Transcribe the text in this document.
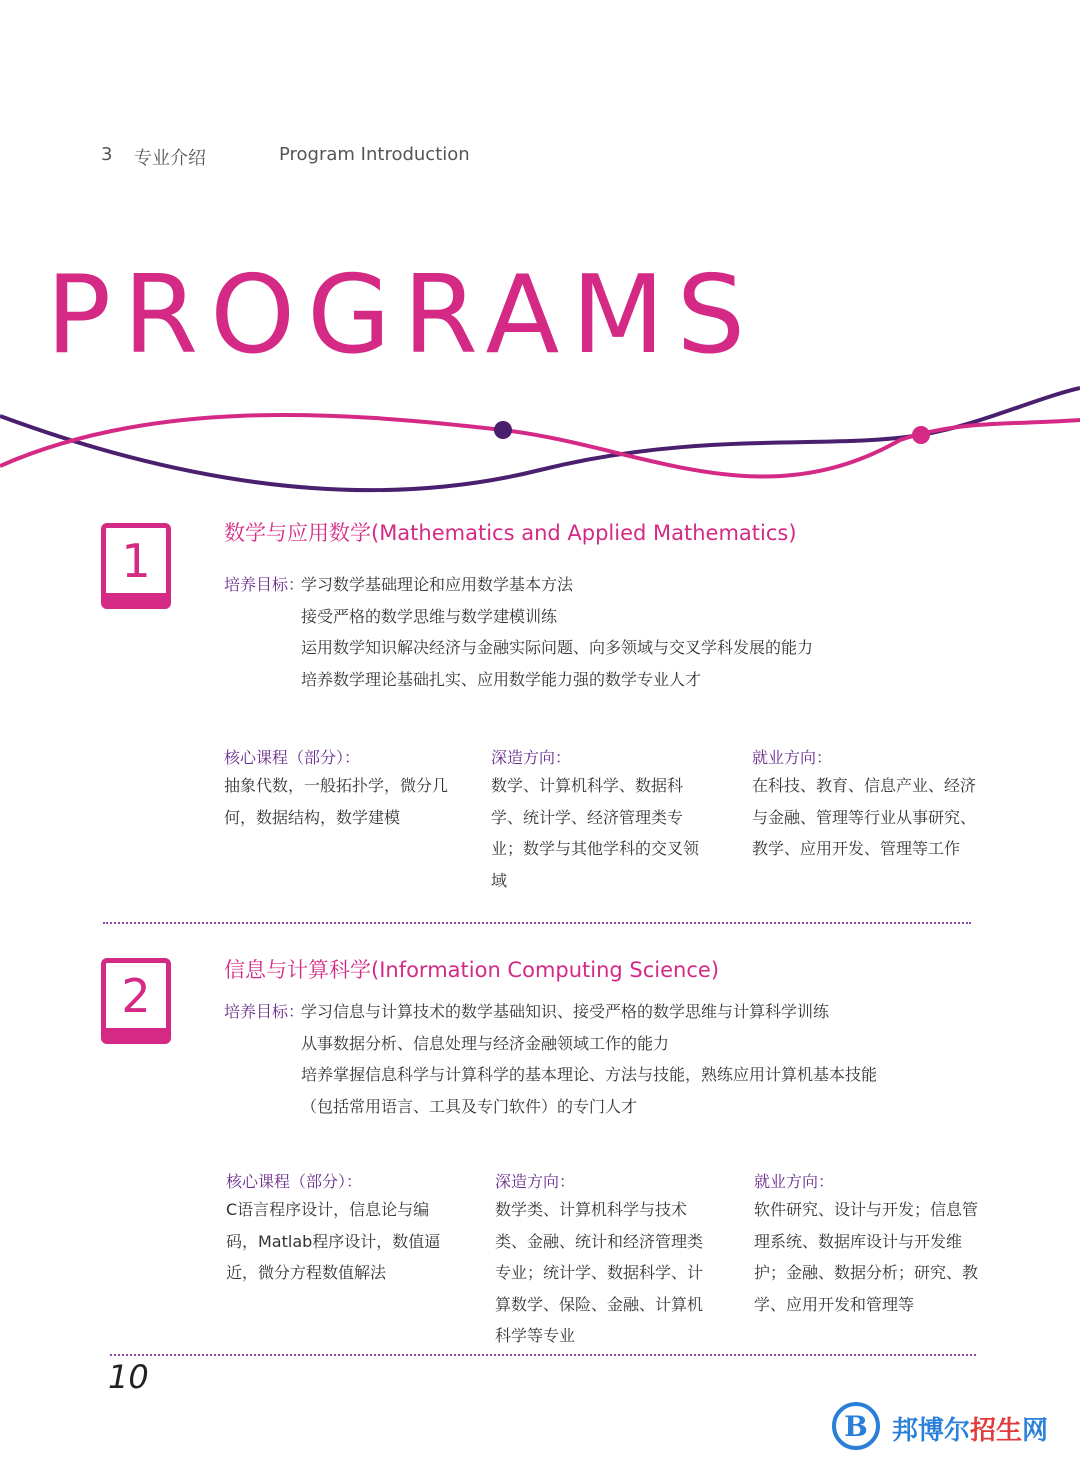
3 专业介绍	Program Introduction
PROGRAMS
1
数学与应用数学(Mathematics and Applied Mathematics)
培养目标：
学习数学基础理论和应用数学基本方法
接受严格的数学思维与数学建模训练
运用数学知识解决经济与金融实际问题、向多领域与交叉学科发展的能力
培养数学理论基础扎实、应用数学能力强的数学专业人才
核心课程（部分）：
抽象代数，一般拓扑学，微分几何，数据结构，数学建模
深造方向：
数学、计算机科学、数据科学、统计学、经济管理类专业；数学与其他学科的交叉领域
就业方向：
在科技、教育、信息产业、经济与金融、管理等行业从事研究、教学、应用开发、管理等工作
2	信息与计算科学(Information Computing Science)
培养目标：
学习信息与计算技术的数学基础知识、接受严格的数学思维与计算科学训练
从事数据分析、信息处理与经济金融领域工作的能力
培养掌握信息科学与计算科学的基本理论、方法与技能，熟练应用计算机基本技能
（包括常用语言、工具及专门软件）的专门人才
核心课程（部分）：
C语言程序设计，信息论与编码，Matlab程序设计，数值逼近，微分方程数值解法
深造方向：
数学类、计算机科学与技术类、金融、统计和经济管理类专业；统计学、数据科学、计算数学、保险、金融、计算机科学等专业
就业方向：
软件研究、设计与开发；信息管理系统、数据库设计与开发维护；金融、数据分析；研究、教学、应用开发和管理等
10
B 邦博尔招生网
